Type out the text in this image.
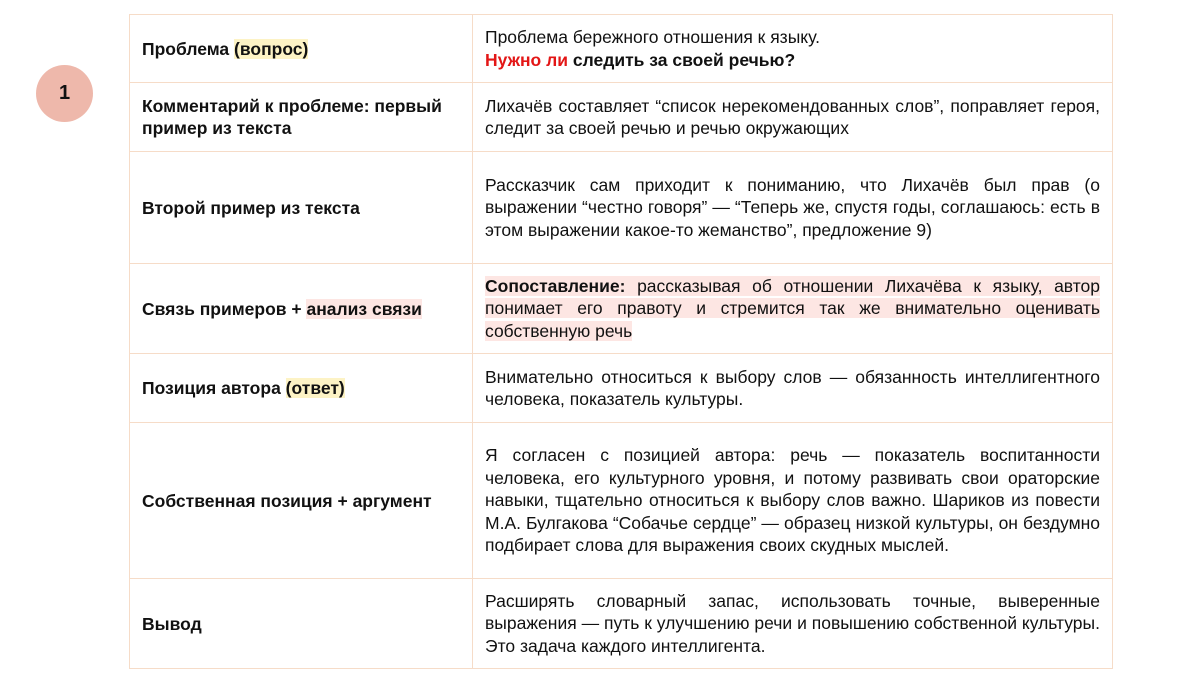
1
Проблема (вопрос)	Проблема бережного отношения к языку.
Нужно ли следить за своей речью?

Комментарий к проблеме: первый пример из текста	Лихачёв составляет “список нерекомендованных слов”, поправляет героя, следит за своей речью и речью окружающих
Второй пример из текста	Рассказчик сам приходит к пониманию, что Лихачёв был прав (о выражении “честно говоря” — “Теперь же, спустя годы, соглашаюсь: есть в этом выражении какое-то жеманство”, предложение 9)
Связь примеров + анализ связи	Сопоставление: рассказывая об отношении Лихачёва к языку, автор понимает его правоту и стремится так же внимательно оценивать собственную речь
Позиция автора (ответ)	Внимательно относиться к выбору слов — обязанность интеллигентного человека, показатель культуры.
Собственная позиция + аргумент	Я согласен с позицией автора: речь — показатель воспитанности человека, его культурного уровня, и потому развивать свои ораторские навыки, тщательно относиться к выбору слов важно. Шариков из повести М.А. Булгакова “Собачье сердце” — образец низкой культуры, он бездумно подбирает слова для выражения своих скудных мыслей.
Вывод	Расширять словарный запас, использовать точные, выверенные выражения — путь к улучшению речи и повышению собственной культуры. Это задача каждого интеллигента.
